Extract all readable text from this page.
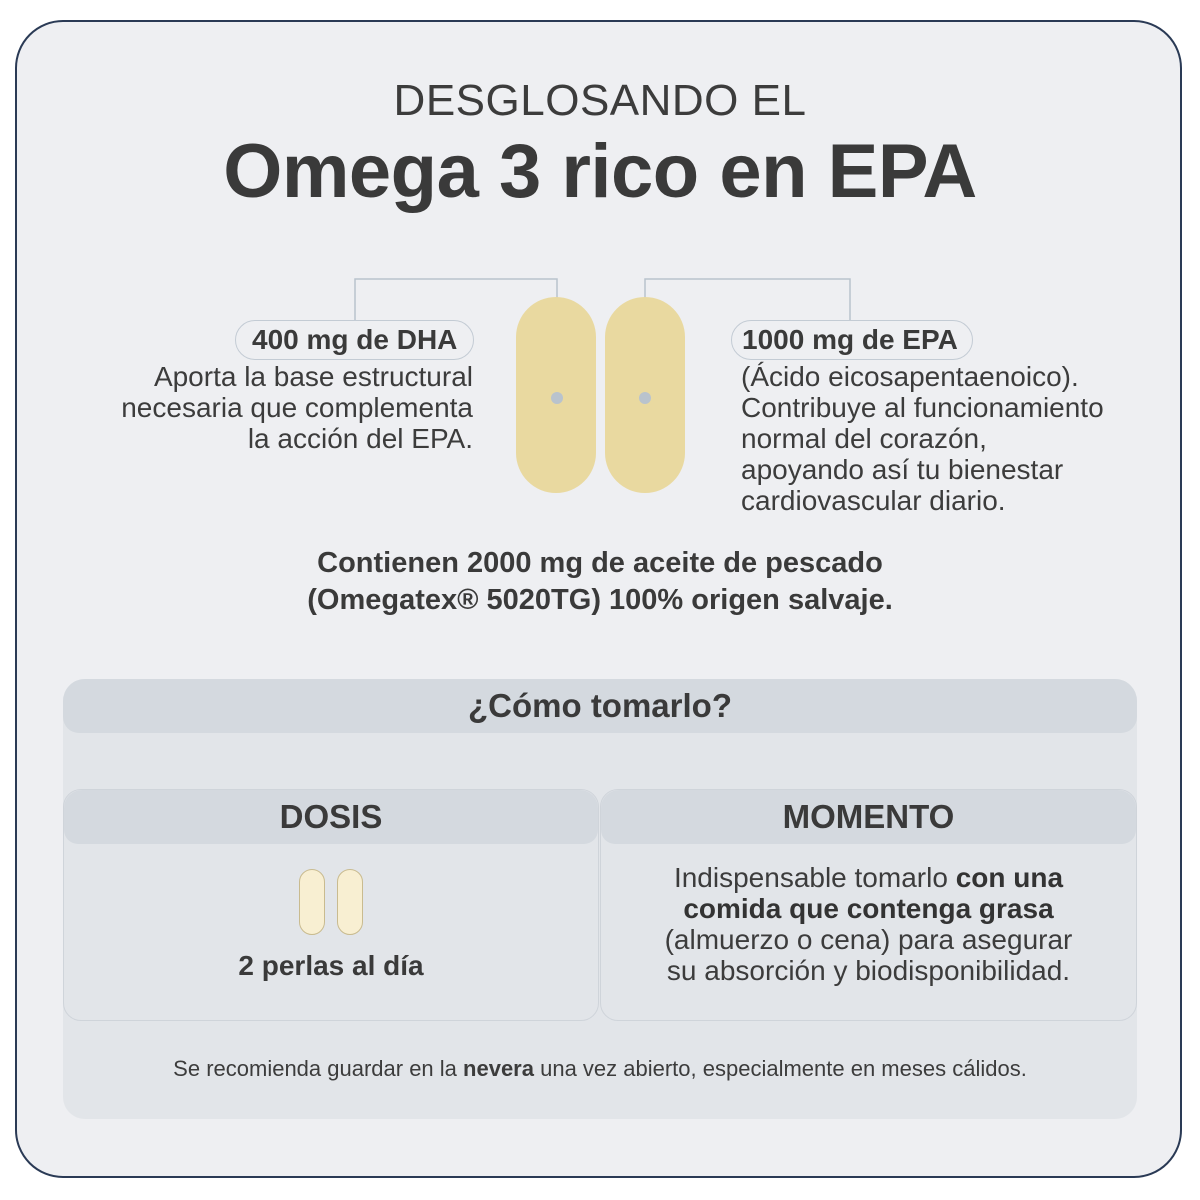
DESGLOSANDO EL
Omega 3 rico en EPA
400 mg de DHA
Aporta la base estructural
necesaria que complementa
la acción del EPA.
1000 mg de EPA
(Ácido eicosapentaenoico).
Contribuye al funcionamiento
normal del corazón,
apoyando así tu bienestar
cardiovascular diario.
Contienen 2000 mg de aceite de pescado
(Omegatex® 5020TG) 100% origen salvaje.
¿Cómo tomarlo?
DOSIS
2 perlas al día
MOMENTO
Indispensable tomarlo con una
comida que contenga grasa
(almuerzo o cena) para asegurar
su absorción y biodisponibilidad.
Se recomienda guardar en la nevera una vez abierto, especialmente en meses cálidos.
